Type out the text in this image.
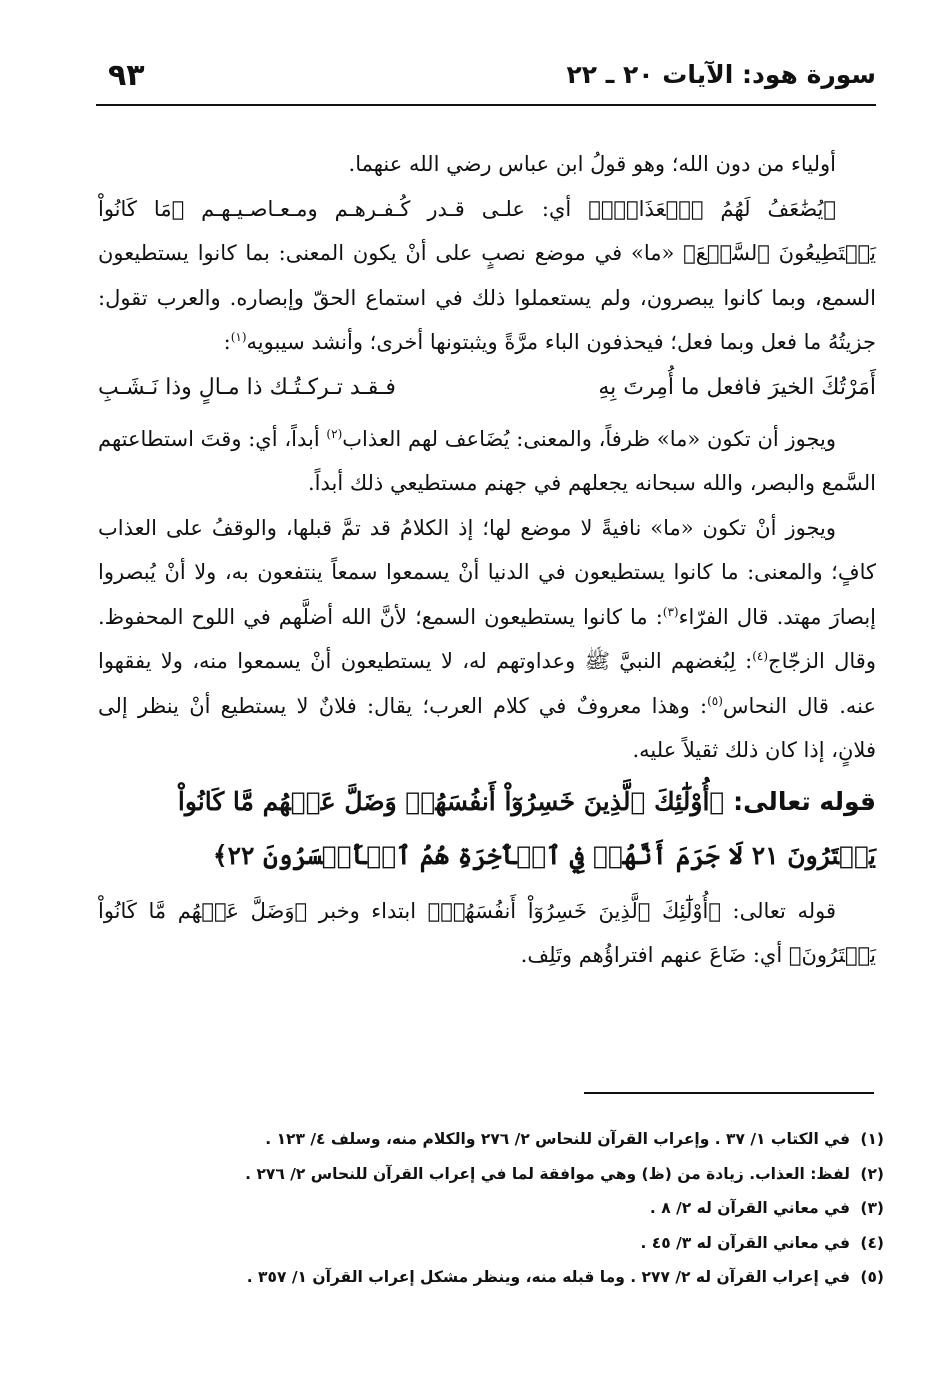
سورة هود: الآيات ٢٠ ـ ٢٢
٩٣

أولياء من دون الله؛ وهو قولُ ابن عباس رضي الله عنهما.

﴿يُضَٰعَفُ لَهُمُ ٱلۡعَذَابُۚ﴾ أي: علـى قـدر كُـفـرهـم ومـعـاصـيـهـم ﴿مَا كَانُواْ يَسۡتَطِيعُونَ ٱلسَّمۡعَ﴾ «ما» في موضع نصبٍ على أنْ يكون المعنى: بما كانوا يستطيعون السمع، وبما كانوا يبصرون، ولم يستعملوا ذلك في استماع الحقّ وإبصاره. والعرب تقول: جزيتُهُ ما فعل وبما فعل؛ فيحذفون الباء مرَّةً ويثبتونها أخرى؛ وأنشد سيبويه$^{(١)}$:

أَمَرْتُكَ الخيرَ فافعل ما أُمِرتَ بِهِ
فـقـد تـركـتُـك ذا مـالٍ وذا نَـشَـبِ

ويجوز أن تكون «ما» ظرفاً، والمعنى: يُضَاعف لهم العذاب$^{(٢)}$ أبداً، أي: وقتَ استطاعتهم السَّمع والبصر، والله سبحانه يجعلهم في جهنم مستطيعي ذلك أبداً.

ويجوز أنْ تكون «ما» نافيةً لا موضع لها؛ إذ الكلامُ قد تمَّ قبلها، والوقفُ على العذاب كافٍ؛ والمعنى: ما كانوا يستطيعون في الدنيا أنْ يسمعوا سمعاً ينتفعون به، ولا أنْ يُبصروا إبصارَ مهتد. قال الفرّاء$^{(٣)}$: ما كانوا يستطيعون السمع؛ لأنَّ الله أضلَّهم في اللوح المحفوظ. وقال الزجّاج$^{(٤)}$: لِبُغضهم النبيَّ ﷺ وعداوتهم له، لا يستطيعون أنْ يسمعوا منه، ولا يفقهوا عنه. قال النحاس$^{(٥)}$: وهذا معروفٌ في كلام العرب؛ يقال: فلانٌ لا يستطيع أنْ ينظر إلى فلانٍ، إذا كان ذلك ثقيلاً عليه.

قوله تعالى: ﴿أُوْلَٰٓئِكَ ٱلَّذِينَ خَسِرُوٓاْ أَنفُسَهُمۡ وَضَلَّ عَنۡهُم مَّا كَانُواْ يَفۡتَرُونَ ٢١ لَا جَرَمَ أَنَّهُمۡ فِي ٱلۡأٓخِرَةِ هُمُ ٱلۡأَخۡسَرُونَ ٢٢﴾

قوله تعالى: ﴿أُوْلَٰٓئِكَ ٱلَّذِينَ خَسِرُوٓاْ أَنفُسَهُمۡ﴾ ابتداء وخبر ﴿وَضَلَّ عَنۡهُم مَّا كَانُواْ يَفۡتَرُونَ﴾ أي: ضَاعَ عنهم افتراؤُهم وتَلِف.

(١)في الكتاب ١/ ٣٧ . وإعراب القرآن للنحاس ٢/ ٢٧٦ والكلام منه، وسلف ٤/ ١٢٣ .

(٢)لفظ: العذاب. زيادة من (ظ) وهي موافقة لما في إعراب القرآن للنحاس ٢/ ٢٧٦ .

(٣)في معاني القرآن له ٢/ ٨ .

(٤)في معاني القرآن له ٣/ ٤٥ .

(٥)في إعراب القرآن له ٢/ ٢٧٧ . وما قبله منه، وينظر مشكل إعراب القرآن ١/ ٣٥٧ .
